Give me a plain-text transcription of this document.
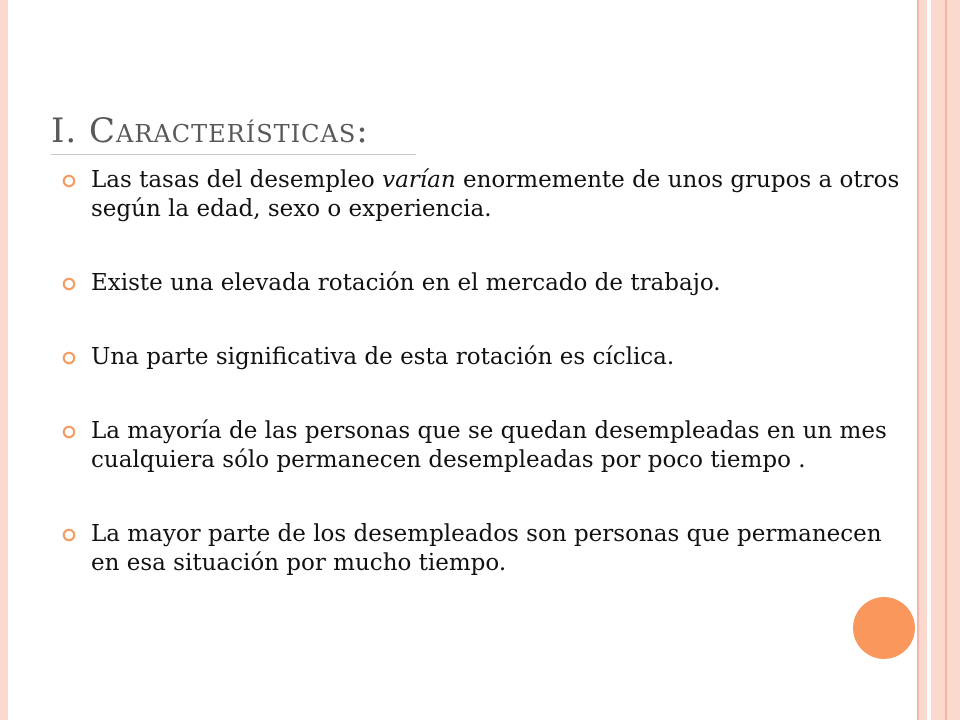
I. Características:
Las tasas del desempleo varían enormemente de unos grupos a otros según la edad, sexo o experiencia.
Existe una elevada rotación en el mercado de trabajo.
Una parte significativa de esta rotación es cíclica.
La mayoría de las personas que se quedan desempleadas en un mes cualquiera sólo permanecen desempleadas por poco tiempo .
La mayor parte de los desempleados son personas que permanecen en esa situación por mucho tiempo.
